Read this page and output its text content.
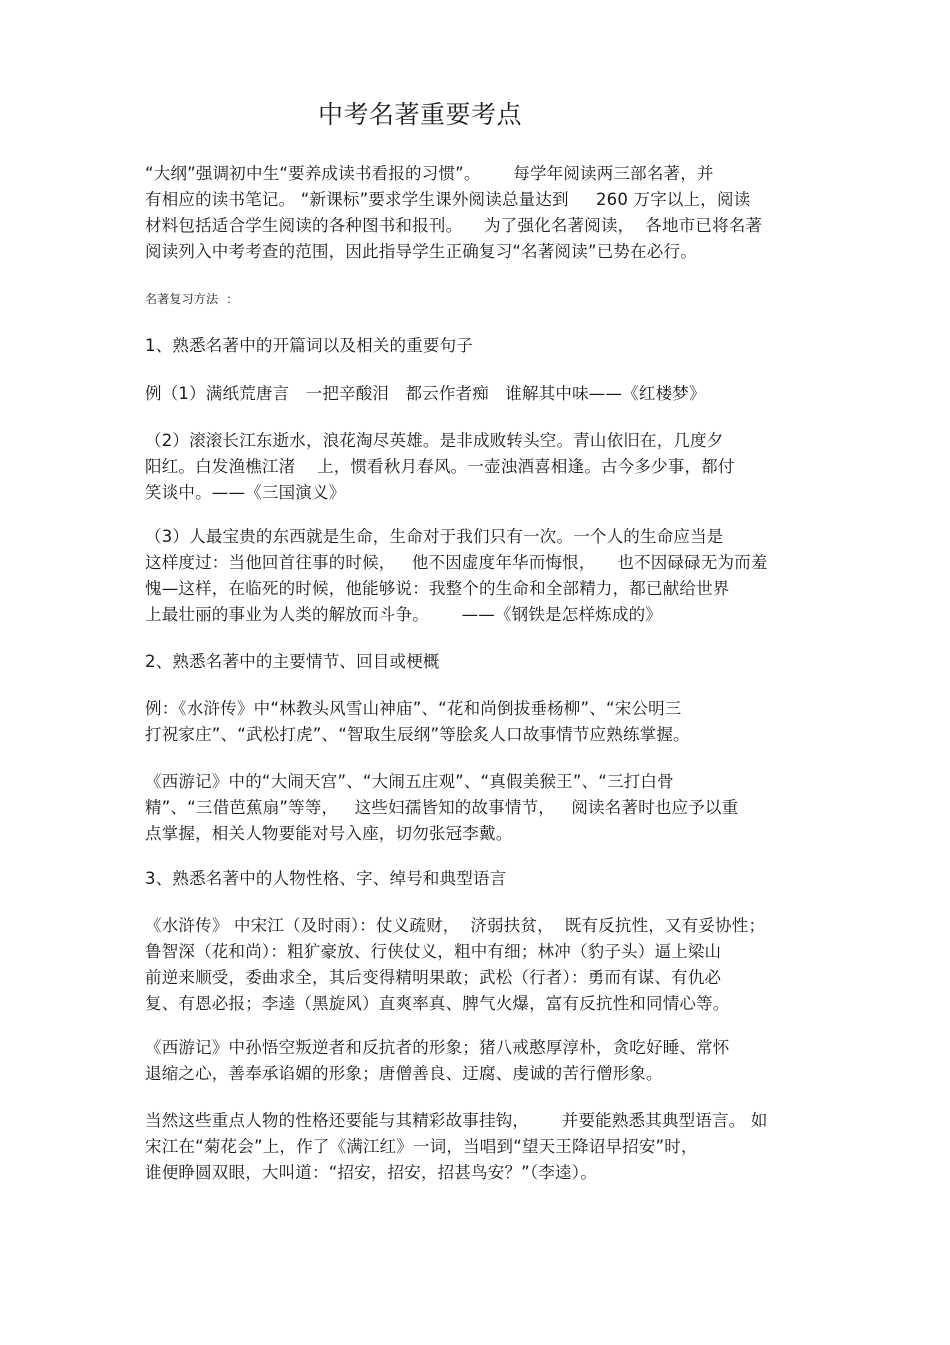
中考名著重要考点
“大纲”强调初中生“要养成读书看报的习惯”。      每学年阅读两三部名著，并
有相应的读书笔记。 “新课标”要求学生课外阅读总量达到     260 万字以上，阅读
材料包括适合学生阅读的各种图书和报刊。    为了强化名著阅读，  各地市已将名著
阅读列入中考考查的范围，因此指导学生正确复习“名著阅读”已势在必行。
名著复习方法  ：
1、熟悉名著中的开篇词以及相关的重要句子
例（1）满纸荒唐言   一把辛酸泪   都云作者痴   谁解其中味——《红楼梦》
（2）滚滚长江东逝水，浪花淘尽英雄。是非成败转头空。青山依旧在，几度夕
阳红。白发渔樵江渚    上，惯看秋月春风。一壶浊酒喜相逢。古今多少事，都付
笑谈中。——《三国演义》
（3）人最宝贵的东西就是生命，生命对于我们只有一次。一个人的生命应当是
这样度过：当他回首往事的时候，   他不因虚度年华而悔恨，    也不因碌碌无为而羞
愧—这样，在临死的时候，他能够说：我整个的生命和全部精力，都已献给世界
上最壮丽的事业为人类的解放而斗争。      ——《钢铁是怎样炼成的》
2、熟悉名著中的主要情节、回目或梗概
例：《水浒传》中“林教头风雪山神庙”、“花和尚倒拔垂杨柳”、“宋公明三
打祝家庄”、“武松打虎”、“智取生辰纲”等脍炙人口故事情节应熟练掌握。
《西游记》中的“大闹天宫”、“大闹五庄观”、“真假美猴王”、“三打白骨
精”、“三借芭蕉扇”等等，   这些妇孺皆知的故事情节，   阅读名著时也应予以重
点掌握，相关人物要能对号入座，切勿张冠李戴。
3、熟悉名著中的人物性格、字、绰号和典型语言
《水浒传》 中宋江（及时雨）：仗义疏财，  济弱扶贫，  既有反抗性，又有妥协性；
鲁智深（花和尚）：粗犷豪放、行侠仗义，粗中有细；林冲（豹子头）逼上梁山
前逆来顺受，委曲求全，其后变得精明果敢；武松（行者）：勇而有谋、有仇必
复、有恩必报；李逵（黑旋风）直爽率真、脾气火爆，富有反抗性和同情心等。
《西游记》中孙悟空叛逆者和反抗者的形象；猪八戒憨厚淳朴，贪吃好睡、常怀
退缩之心，善奉承谄媚的形象；唐僧善良、迂腐、虔诚的苦行僧形象。
当然这些重点人物的性格还要能与其精彩故事挂钩，      并要能熟悉其典型语言。 如
宋江在“菊花会”上，作了《满江红》一词，当唱到“望天王降诏早招安”时，
谁便睁圆双眼，大叫道：“招安，招安，招甚鸟安？”（李逵）。
